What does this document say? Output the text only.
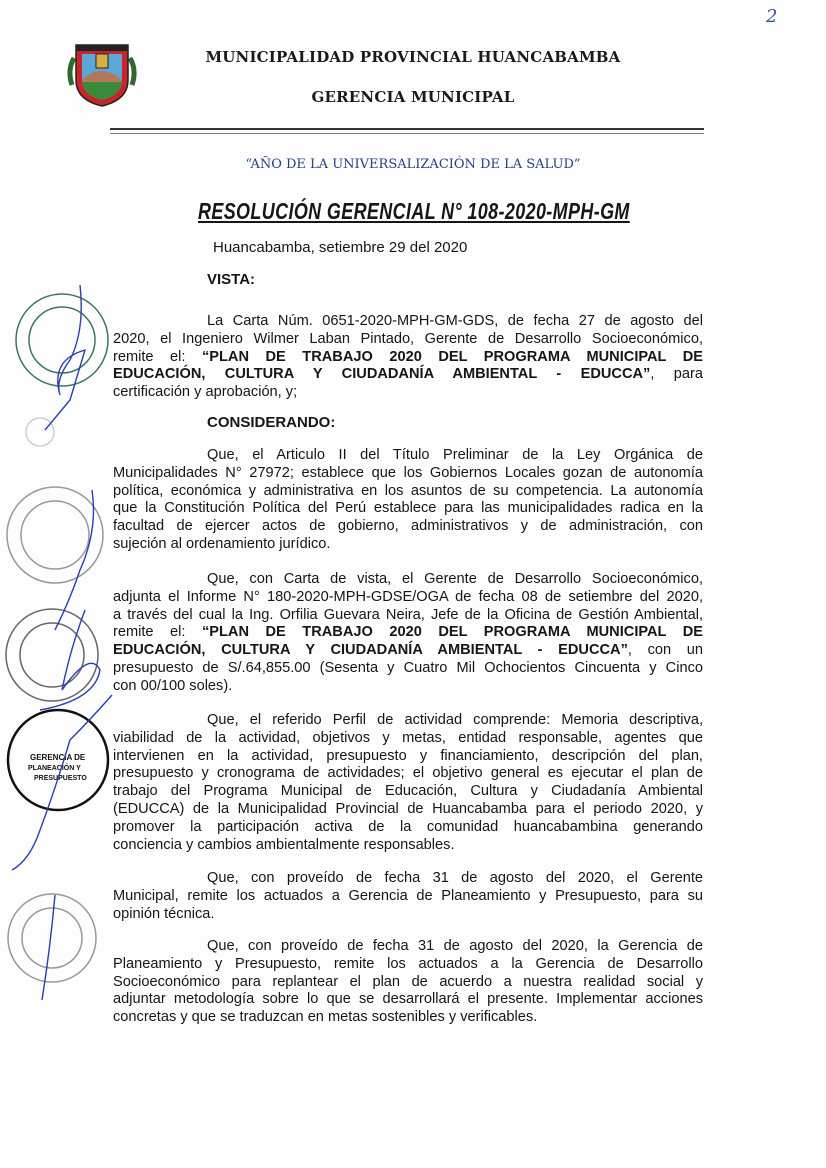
2
MUNICIPALIDAD PROVINCIAL HUANCABAMBA
GERENCIA MUNICIPAL
“AÑO DE LA UNIVERSALIZACIÓN DE LA SALUD”
RESOLUCIÓN GERENCIAL N° 108-2020-MPH-GM
Huancabamba, setiembre 29 del 2020
VISTA:
CONSIDERANDO:
La Carta Núm. 0651-2020-MPH-GM-GDS, de fecha 27 de agosto del
2020, el Ingeniero Wilmer Laban Pintado, Gerente de Desarrollo Socioeconómico,
remite el: “PLAN DE TRABAJO 2020 DEL PROGRAMA MUNICIPAL DE
EDUCACIÓN, CULTURA Y CIUDADANÍA AMBIENTAL - EDUCCA”, para
certificación y aprobación, y;
Que, el Articulo II del Título Preliminar de la Ley Orgánica de
Municipalidades N° 27972; establece que los Gobiernos Locales gozan de autonomía
política, económica y administrativa en los asuntos de su competencia. La autonomía
que la Constitución Política del Perú establece para las municipalidades radica en la
facultad de ejercer actos de gobierno, administrativos y de administración, con
sujeción al ordenamiento jurídico.
Que, con Carta de vista, el Gerente de Desarrollo Socioeconómico,
adjunta el Informe N° 180-2020-MPH-GDSE/OGA de fecha 08 de setiembre del 2020,
a través del cual la Ing. Orfilia Guevara Neira, Jefe de la Oficina de Gestión Ambiental,
remite el: “PLAN DE TRABAJO 2020 DEL PROGRAMA MUNICIPAL DE
EDUCACIÓN, CULTURA Y CIUDADANÍA AMBIENTAL - EDUCCA”, con un
presupuesto de S/.64,855.00 (Sesenta y Cuatro Mil Ochocientos Cincuenta y Cinco
con 00/100 soles).
Que, el referido Perfil de actividad comprende: Memoria descriptiva,
viabilidad de la actividad, objetivos y metas, entidad responsable, agentes que
intervienen en la actividad, presupuesto y financiamiento, descripción del plan,
presupuesto y cronograma de actividades; el objetivo general es ejecutar el plan de
trabajo del Programa Municipal de Educación, Cultura y Ciudadanía Ambiental
(EDUCCA) de la Municipalidad Provincial de Huancabamba para el periodo 2020, y
promover la participación activa de la comunidad huancabambina generando
conciencia y cambios ambientalmente responsables.
Que, con proveído de fecha 31 de agosto del 2020, el Gerente
Municipal, remite los actuados a Gerencia de Planeamiento y Presupuesto, para su
opinión técnica.
Que, con proveído de fecha 31 de agosto del 2020, la Gerencia de
Planeamiento y Presupuesto, remite los actuados a la Gerencia de Desarrollo
Socioeconómico para replantear el plan de acuerdo a nuestra realidad social y
adjuntar metodología sobre lo que se desarrollará el presente. Implementar acciones
concretas y que se traduzcan en metas sostenibles y verificables.
GERENCIA DE
PLANEACIÓN Y
PRESUPUESTO
